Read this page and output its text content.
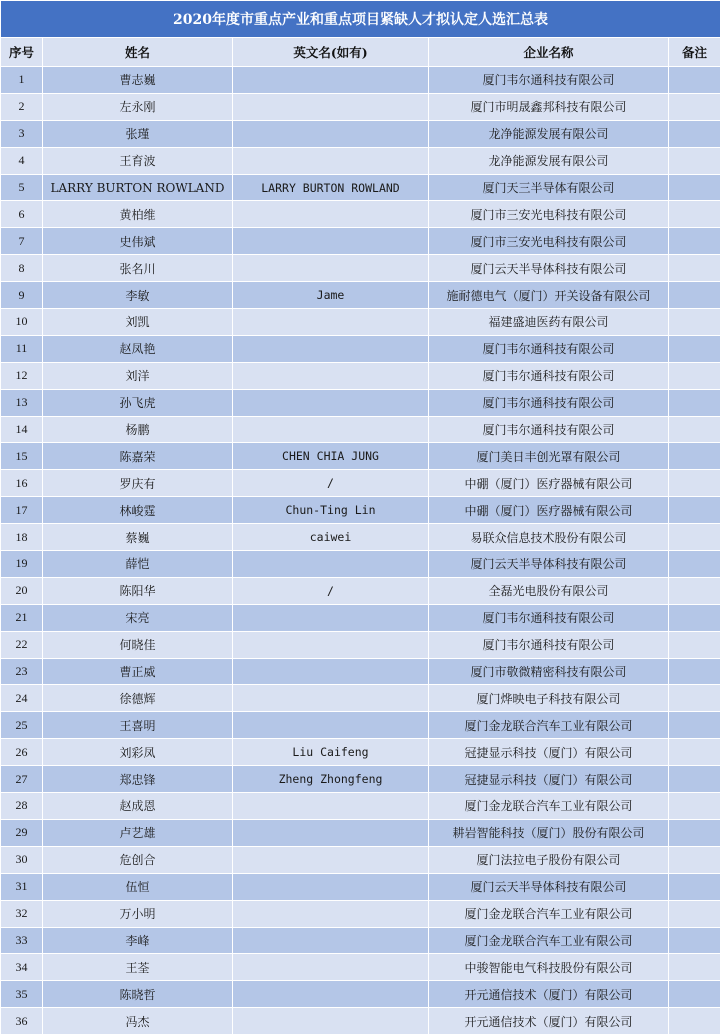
2020年度市重点产业和重点项目紧缺人才拟认定人选汇总表				
序号	姓名	英文名(如有)	企业名称	备注
1	曹志巍		厦门韦尔通科技有限公司	
2	左永刚		厦门市明晟鑫邦科技有限公司	
3	张瑾		龙净能源发展有限公司	
4	王育波		龙净能源发展有限公司	
5	LARRY BURTON ROWLAND	LARRY BURTON ROWLAND	厦门天三半导体有限公司	
6	黄柏维		厦门市三安光电科技有限公司	
7	史伟斌		厦门市三安光电科技有限公司	
8	张名川		厦门云天半导体科技有限公司	
9	李敏	Jame	施耐德电气（厦门）开关设备有限公司	
10	刘凯		福建盛迪医药有限公司	
11	赵凤艳		厦门韦尔通科技有限公司	
12	刘洋		厦门韦尔通科技有限公司	
13	孙飞虎		厦门韦尔通科技有限公司	
14	杨鹏		厦门韦尔通科技有限公司	
15	陈嘉荣	CHEN CHIA JUNG	厦门美日丰创光罩有限公司	
16	罗庆有	/	中硼（厦门）医疗器械有限公司	
17	林峻霆	Chun-Ting Lin	中硼（厦门）医疗器械有限公司	
18	蔡巍	caiwei	易联众信息技术股份有限公司	
19	薛恺		厦门云天半导体科技有限公司	
20	陈阳华	/	全磊光电股份有限公司	
21	宋亮		厦门韦尔通科技有限公司	
22	何晓佳		厦门韦尔通科技有限公司	
23	曹正威		厦门市敬微精密科技有限公司	
24	徐德辉		厦门烨映电子科技有限公司	
25	王喜明		厦门金龙联合汽车工业有限公司	
26	刘彩凤	Liu Caifeng	冠捷显示科技（厦门）有限公司	
27	郑忠锋	Zheng Zhongfeng	冠捷显示科技（厦门）有限公司	
28	赵成恩		厦门金龙联合汽车工业有限公司	
29	卢艺雄		耕岩智能科技（厦门）股份有限公司	
30	危创合		厦门法拉电子股份有限公司	
31	伍恒		厦门云天半导体科技有限公司	
32	万小明		厦门金龙联合汽车工业有限公司	
33	李峰		厦门金龙联合汽车工业有限公司	
34	王荃		中骏智能电气科技股份有限公司	
35	陈晓哲		开元通信技术（厦门）有限公司	
36	冯杰		开元通信技术（厦门）有限公司	
